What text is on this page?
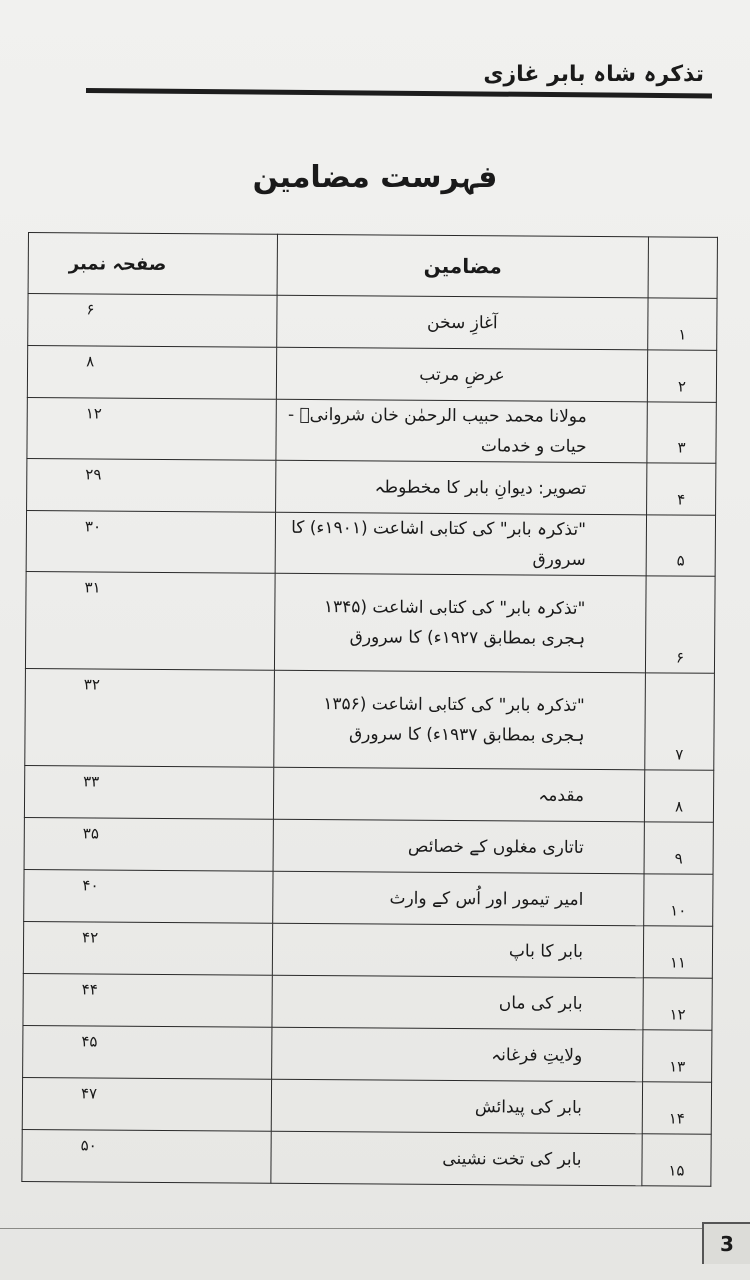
تذکرہ شاہ بابر غازی
فہرست مضامین
	مضامین	صفحہ نمبر
۱	آغازِ سخن	۶
۲	عرضِ مرتب	۸
۳	مولانا محمد حبیب الرحمٰن خان شروانیؒ - حیات و خدمات	۱۲
۴	تصویر: دیوانِ بابر کا مخطوطہ	۲۹
۵	"تذکرہ بابر" کی کتابی اشاعت (۱۹۰۱ء) کا سرورق	۳۰
۶	"تذکرہ بابر" کی کتابی اشاعت (۱۳۴۵ ہجری بمطابق ۱۹۲۷ء) کا سرورق	۳۱
۷	"تذکرہ بابر" کی کتابی اشاعت (۱۳۵۶ ہجری بمطابق ۱۹۳۷ء) کا سرورق	۳۲
۸	مقدمہ	۳۳
۹	تاتاری مغلوں کے خصائص	۳۵
۱۰	امیر تیمور اور اُس کے وارث	۴۰
۱۱	بابر کا باپ	۴۲
۱۲	بابر کی ماں	۴۴
۱۳	ولایتِ فرغانہ	۴۵
۱۴	بابر کی پیدائش	۴۷
۱۵	بابر کی تخت نشینی	۵۰
3
